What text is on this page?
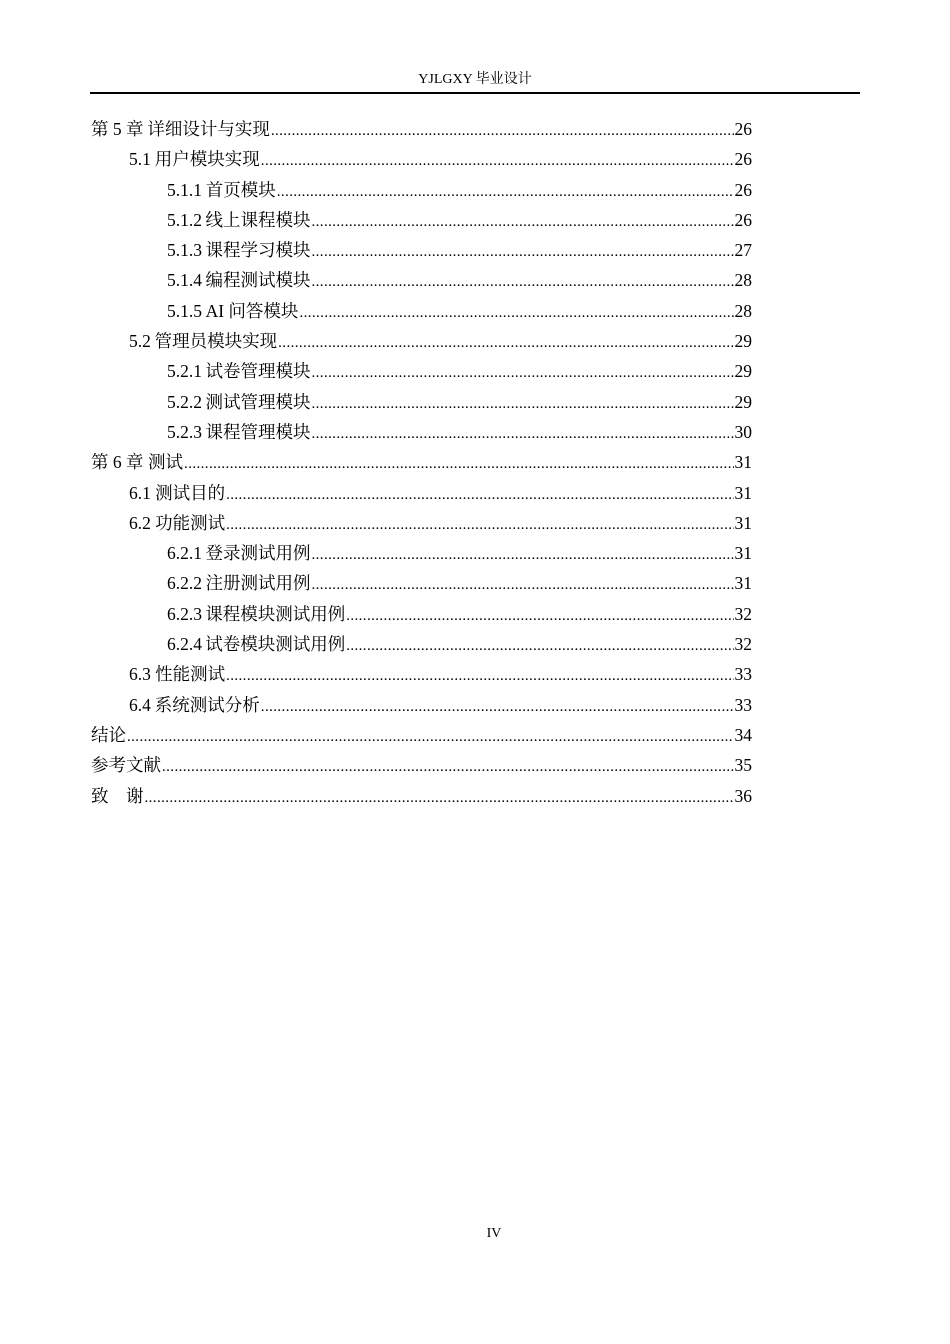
YJLGXY 毕业设计
第 5 章 详细设计与实现 .....	26
5.1 用户模块实现 .....	26
5.1.1 首页模块 .....	26
5.1.2 线上课程模块 .....	26
5.1.3 课程学习模块 .....	27
5.1.4 编程测试模块 .....	28
5.1.5 AI 问答模块 .....	28
5.2 管理员模块实现 .....	29
5.2.1 试卷管理模块 .....	29
5.2.2 测试管理模块 .....	29
5.2.3 课程管理模块 .....	30
第 6 章 测试 .....	31
6.1 测试目的 .....	31
6.2 功能测试 .....	31
6.2.1 登录测试用例 .....	31
6.2.2 注册测试用例 .....	31
6.2.3 课程模块测试用例 .....	32
6.2.4 试卷模块测试用例 .....	32
6.3 性能测试 .....	33
6.4 系统测试分析 .....	33
结论 .....	34
参考文献 .....	35
致　谢 .....	36
IV
